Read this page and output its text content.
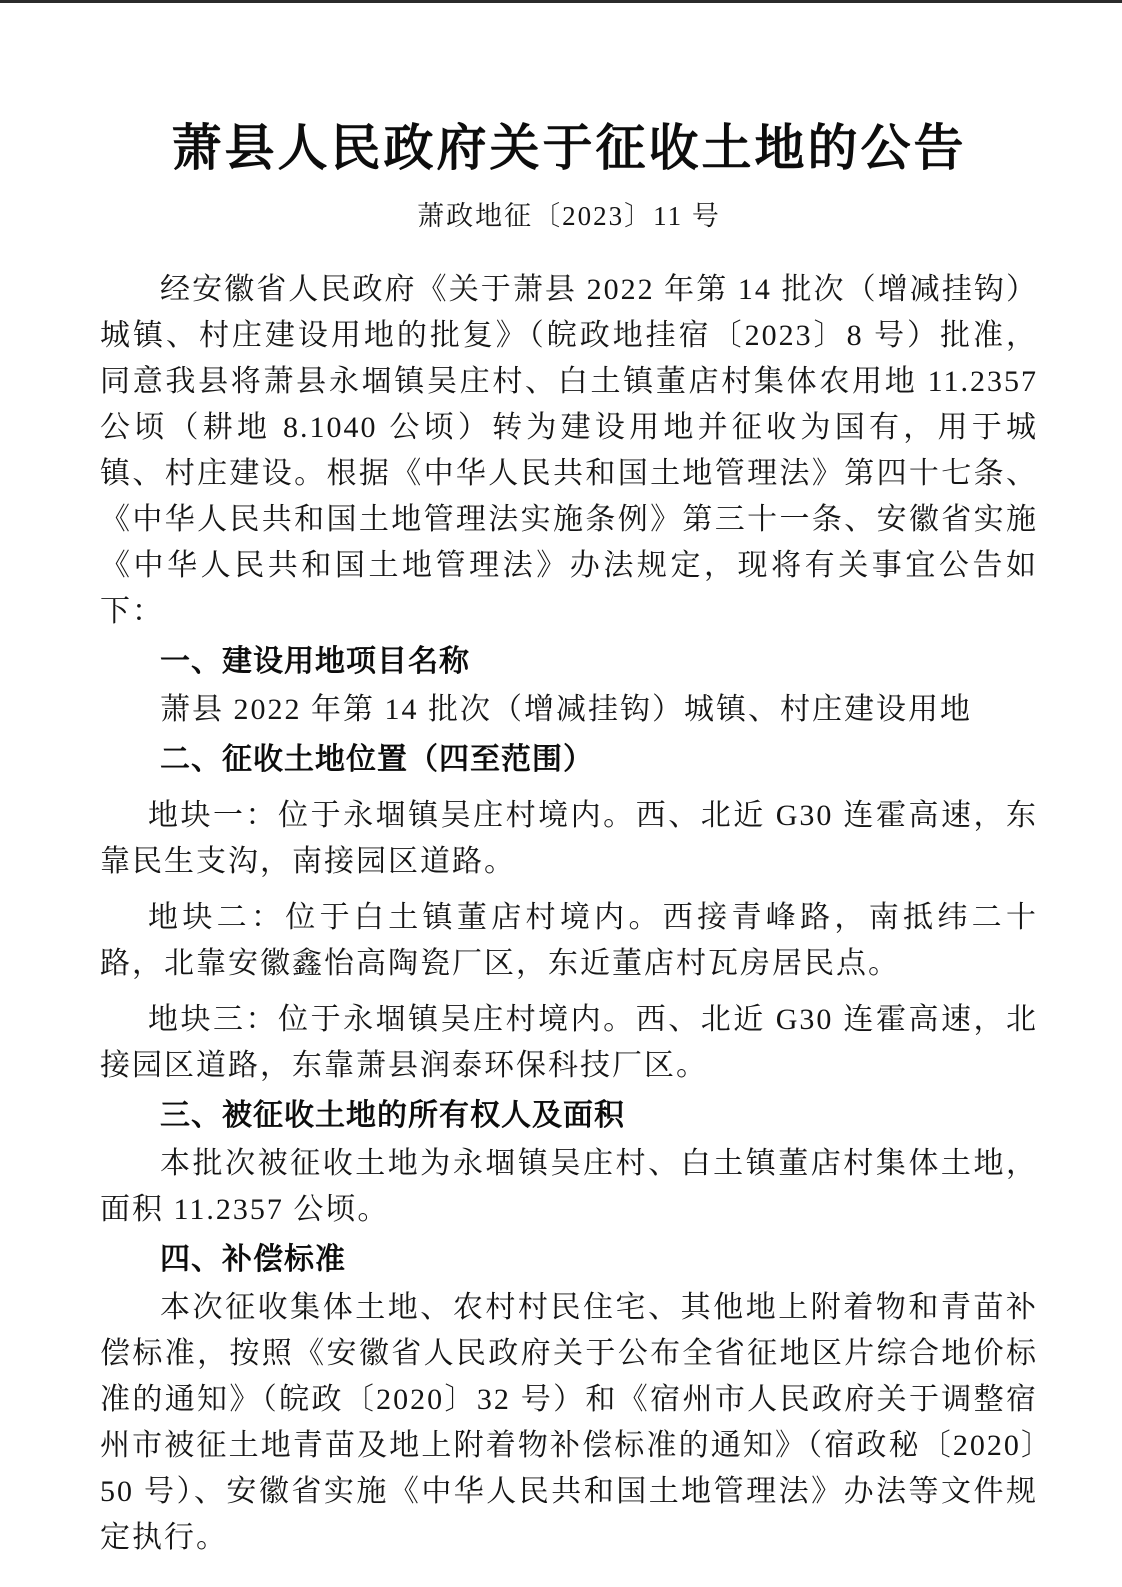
萧县人民政府关于征收土地的公告
萧政地征〔2023〕11 号

经安徽省人民政府《关于萧县 2022 年第 14 批次（增减挂钩）城镇、村庄建设用地的批复》（皖政地挂宿〔2023〕8 号）批准，同意我县将萧县永堌镇吴庄村、白土镇董店村集体农用地 11.2357 公顷（耕地 8.1040 公顷）转为建设用地并征收为国有，用于城镇、村庄建设。根据《中华人民共和国土地管理法》第四十七条、《中华人民共和国土地管理法实施条例》第三十一条、安徽省实施《中华人民共和国土地管理法》办法规定，现将有关事宜公告如下：

一、建设用地项目名称

萧县 2022 年第 14 批次（增减挂钩）城镇、村庄建设用地

二、征收土地位置（四至范围）

地块一：位于永堌镇吴庄村境内。西、北近 G30 连霍高速，东靠民生支沟，南接园区道路。

地块二：位于白土镇董店村境内。西接青峰路，南抵纬二十路，北靠安徽鑫怡高陶瓷厂区，东近董店村瓦房居民点。

地块三：位于永堌镇吴庄村境内。西、北近 G30 连霍高速，北接园区道路，东靠萧县润泰环保科技厂区。

三、被征收土地的所有权人及面积

本批次被征收土地为永堌镇吴庄村、白土镇董店村集体土地，面积 11.2357 公顷。

四、补偿标准

本次征收集体土地、农村村民住宅、其他地上附着物和青苗补偿标准，按照《安徽省人民政府关于公布全省征地区片综合地价标准的通知》（皖政〔2020〕32 号）和《宿州市人民政府关于调整宿州市被征土地青苗及地上附着物补偿标准的通知》（宿政秘〔2020〕50 号）、安徽省实施《中华人民共和国土地管理法》办法等文件规定执行。
